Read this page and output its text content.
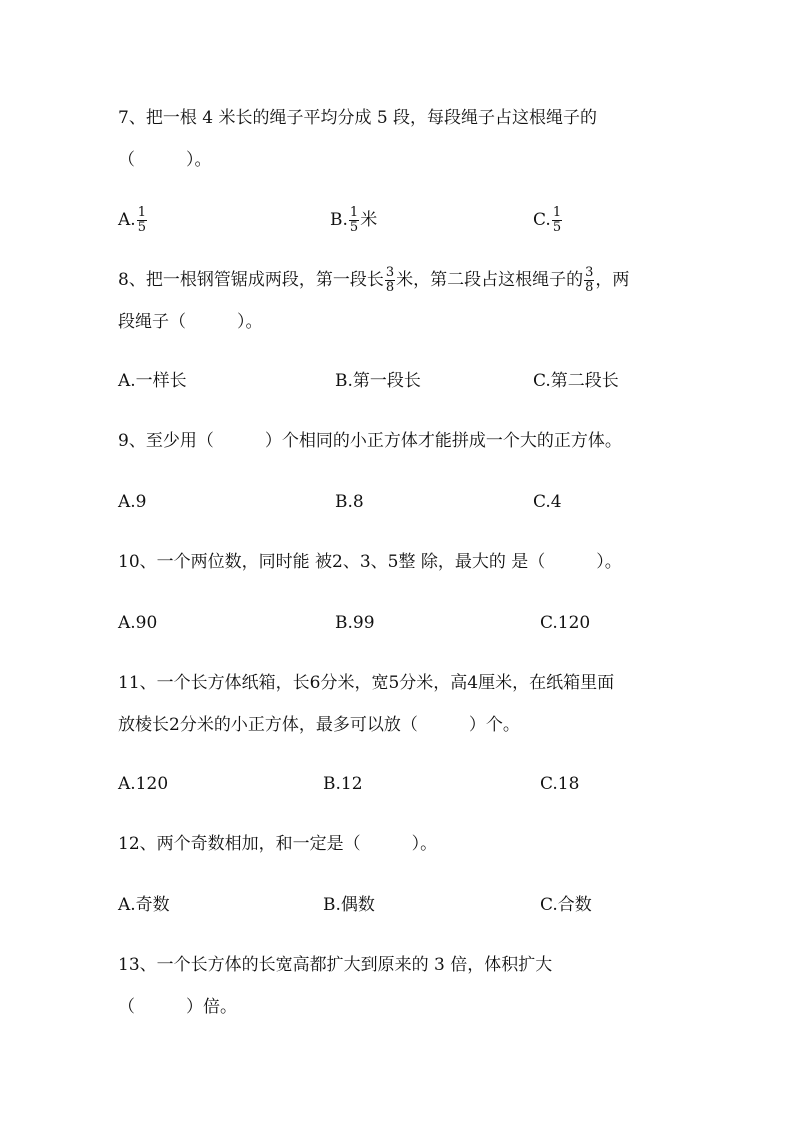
7、把一根 4 米长的绳子平均分成 5 段，每段绳子占这根绳子的
（　　　）。
A. $\frac{1}{5}$	B. $\frac{1}{5}$ 米	C. $\frac{1}{5}$
8、把一根钢管锯成两段，第一段长 $\frac{3}{8}$ 米，第二段占这根绳子的 $\frac{3}{8}$ ，两
段绳子（　　　）。
A.一样长	B.第一段长	C.第二段长
9、至少用（　　　）个相同的小正方体才能拼成一个大的正方体。
A.9	B.8	C.4
10、一个两位数，同时能 被2、3、5整 除，最大的 是（　　　）。
A.90	B.99	C.120
11、一个长方体纸箱，长6分米，宽5分米，高4厘米，在纸箱里面
放棱长2分米的小正方体，最多可以放（　　　）个。
A.120	B.12	C.18
12、两个奇数相加，和一定是（　　　）。
A.奇数	B.偶数	C.合数
13、一个长方体的长宽高都扩大到原来的 3 倍，体积扩大
（　　　）倍。
